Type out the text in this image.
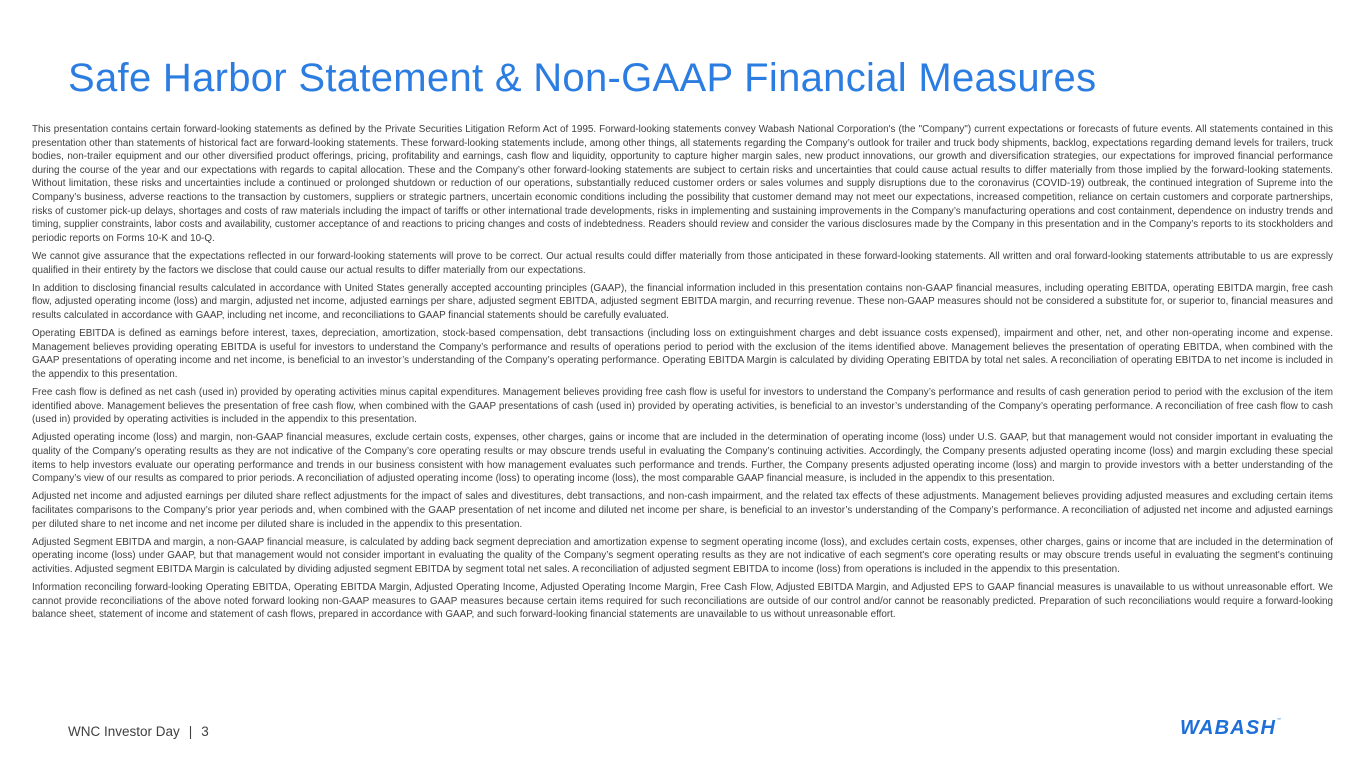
Safe Harbor Statement & Non-GAAP Financial Measures

This presentation contains certain forward-looking statements as defined by the Private Securities Litigation Reform Act of 1995. Forward-looking statements convey Wabash National Corporation's (the "Company") current expectations or forecasts of future events. All statements contained in this presentation other than statements of historical fact are forward-looking statements. These forward-looking statements include, among other things, all statements regarding the Company’s outlook for trailer and truck body shipments, backlog, expectations regarding demand levels for trailers, truck bodies, non-trailer equipment and our other diversified product offerings, pricing, profitability and earnings, cash flow and liquidity, opportunity to capture higher margin sales, new product innovations, our growth and diversification strategies, our expectations for improved financial performance during the course of the year and our expectations with regards to capital allocation. These and the Company’s other forward-looking statements are subject to certain risks and uncertainties that could cause actual results to differ materially from those implied by the forward-looking statements. Without limitation, these risks and uncertainties include a continued or prolonged shutdown or reduction of our operations, substantially reduced customer orders or sales volumes and supply disruptions due to the coronavirus (COVID-19) outbreak, the continued integration of Supreme into the Company’s business, adverse reactions to the transaction by customers, suppliers or strategic partners, uncertain economic conditions including the possibility that customer demand may not meet our expectations, increased competition, reliance on certain customers and corporate partnerships, risks of customer pick-up delays, shortages and costs of raw materials including the impact of tariffs or other international trade developments, risks in implementing and sustaining improvements in the Company’s manufacturing operations and cost containment, dependence on industry trends and timing, supplier constraints, labor costs and availability, customer acceptance of and reactions to pricing changes and costs of indebtedness. Readers should review and consider the various disclosures made by the Company in this presentation and in the Company’s reports to its stockholders and periodic reports on Forms 10-K and 10-Q.

We cannot give assurance that the expectations reflected in our forward-looking statements will prove to be correct. Our actual results could differ materially from those anticipated in these forward-looking statements. All written and oral forward-looking statements attributable to us are expressly qualified in their entirety by the factors we disclose that could cause our actual results to differ materially from our expectations.

In addition to disclosing financial results calculated in accordance with United States generally accepted accounting principles (GAAP), the financial information included in this presentation contains non-GAAP financial measures, including operating EBITDA, operating EBITDA margin, free cash flow, adjusted operating income (loss) and margin, adjusted net income, adjusted earnings per share, adjusted segment EBITDA, adjusted segment EBITDA margin, and recurring revenue. These non-GAAP measures should not be considered a substitute for, or superior to, financial measures and results calculated in accordance with GAAP, including net income, and reconciliations to GAAP financial statements should be carefully evaluated.

Operating EBITDA is defined as earnings before interest, taxes, depreciation, amortization, stock-based compensation, debt transactions (including loss on extinguishment charges and debt issuance costs expensed), impairment and other, net, and other non-operating income and expense. Management believes providing operating EBITDA is useful for investors to understand the Company’s performance and results of operations period to period with the exclusion of the items identified above. Management believes the presentation of operating EBITDA, when combined with the GAAP presentations of operating income and net income, is beneficial to an investor’s understanding of the Company’s operating performance. Operating EBITDA Margin is calculated by dividing Operating EBITDA by total net sales. A reconciliation of operating EBITDA to net income is included in the appendix to this presentation.

Free cash flow is defined as net cash (used in) provided by operating activities minus capital expenditures. Management believes providing free cash flow is useful for investors to understand the Company’s performance and results of cash generation period to period with the exclusion of the item identified above. Management believes the presentation of free cash flow, when combined with the GAAP presentations of cash (used in) provided by operating activities, is beneficial to an investor’s understanding of the Company’s operating performance. A reconciliation of free cash flow to cash (used in) provided by operating activities is included in the appendix to this presentation.

Adjusted operating income (loss) and margin, non-GAAP financial measures, exclude certain costs, expenses, other charges, gains or income that are included in the determination of operating income (loss) under U.S. GAAP, but that management would not consider important in evaluating the quality of the Company’s operating results as they are not indicative of the Company’s core operating results or may obscure trends useful in evaluating the Company’s continuing activities. Accordingly, the Company presents adjusted operating income (loss) and margin excluding these special items to help investors evaluate our operating performance and trends in our business consistent with how management evaluates such performance and trends. Further, the Company presents adjusted operating income (loss) and margin to provide investors with a better understanding of the Company’s view of our results as compared to prior periods. A reconciliation of adjusted operating income (loss) to operating income (loss), the most comparable GAAP financial measure, is included in the appendix to this presentation.

Adjusted net income and adjusted earnings per diluted share reflect adjustments for the impact of sales and divestitures, debt transactions, and non-cash impairment, and the related tax effects of these adjustments. Management believes providing adjusted measures and excluding certain items facilitates comparisons to the Company’s prior year periods and, when combined with the GAAP presentation of net income and diluted net income per share, is beneficial to an investor’s understanding of the Company’s performance. A reconciliation of adjusted net income and adjusted earnings per diluted share to net income and net income per diluted share is included in the appendix to this presentation.

Adjusted Segment EBITDA and margin, a non-GAAP financial measure, is calculated by adding back segment depreciation and amortization expense to segment operating income (loss), and excludes certain costs, expenses, other charges, gains or income that are included in the determination of operating income (loss) under GAAP, but that management would not consider important in evaluating the quality of the Company’s segment operating results as they are not indicative of each segment's core operating results or may obscure trends useful in evaluating the segment's continuing activities. Adjusted segment EBITDA Margin is calculated by dividing adjusted segment EBITDA by segment total net sales. A reconciliation of adjusted segment EBITDA to income (loss) from operations is included in the appendix to this presentation.

Information reconciling forward-looking Operating EBITDA, Operating EBITDA Margin, Adjusted Operating Income, Adjusted Operating Income Margin, Free Cash Flow, Adjusted EBITDA Margin, and Adjusted EPS to GAAP financial measures is unavailable to us without unreasonable effort. We cannot provide reconciliations of the above noted forward looking non-GAAP measures to GAAP measures because certain items required for such reconciliations are outside of our control and/or cannot be reasonably predicted. Preparation of such reconciliations would require a forward-looking balance sheet, statement of income and statement of cash flows, prepared in accordance with GAAP, and such forward-looking financial statements are unavailable to us without unreasonable effort.

WNC Investor Day | 3	WABASH™
